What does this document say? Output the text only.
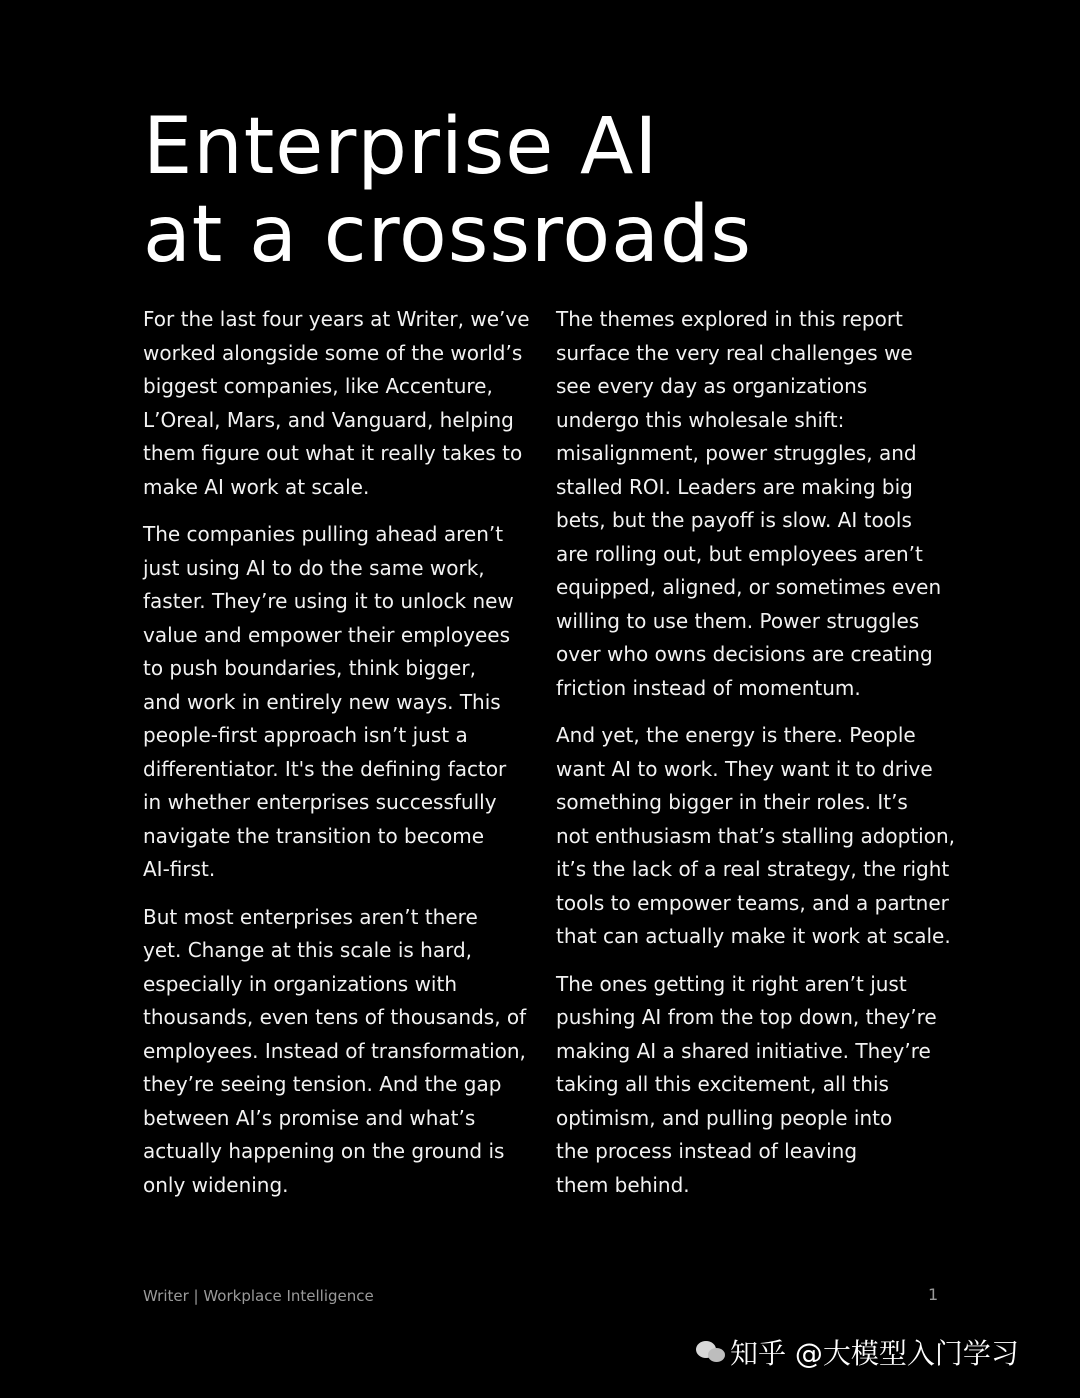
Enterprise AI
at a crossroads

For the last four years at Writer, we’ve
worked alongside some of the world’s
biggest companies, like Accenture,
L’Oreal, Mars, and Vanguard, helping
them figure out what it really takes to
make AI work at scale.

The companies pulling ahead aren’t
just using AI to do the same work,
faster. They’re using it to unlock new
value and empower their employees
to push boundaries, think bigger,
and work in entirely new ways. This
people-first approach isn’t just a
differentiator. It's the defining factor
in whether enterprises successfully
navigate the transition to become
AI-first.

But most enterprises aren’t there
yet. Change at this scale is hard,
especially in organizations with
thousands, even tens of thousands, of
employees. Instead of transformation,
they’re seeing tension. And the gap
between AI’s promise and what’s
actually happening on the ground is
only widening.

The themes explored in this report
surface the very real challenges we
see every day as organizations
undergo this wholesale shift:
misalignment, power struggles, and
stalled ROI. Leaders are making big
bets, but the payoff is slow. AI tools
are rolling out, but employees aren’t
equipped, aligned, or sometimes even
willing to use them. Power struggles
over who owns decisions are creating
friction instead of momentum.

And yet, the energy is there. People
want AI to work. They want it to drive
something bigger in their roles. It’s
not enthusiasm that’s stalling adoption,
it’s the lack of a real strategy, the right
tools to empower teams, and a partner
that can actually make it work at scale.

The ones getting it right aren’t just
pushing AI from the top down, they’re
making AI a shared initiative. They’re
taking all this excitement, all this
optimism, and pulling people into
the process instead of leaving
them behind.

Writer | Workplace Intelligence	1
知乎 @大模型入门学习
